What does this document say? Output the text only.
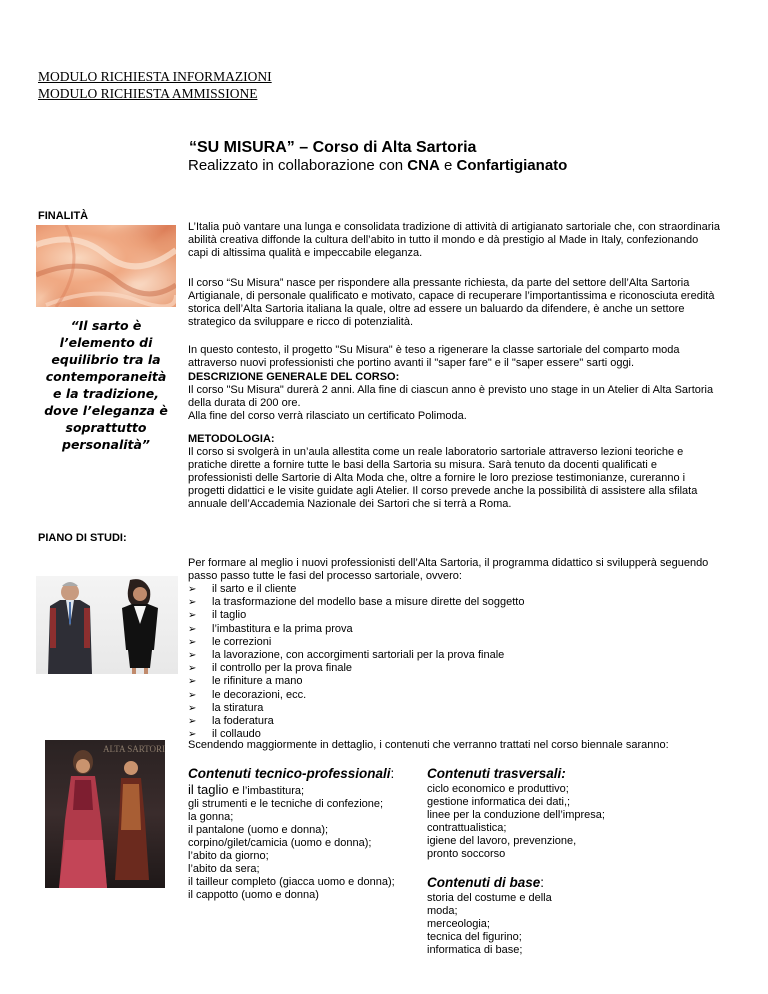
MODULO RICHIESTA INFORMAZIONI
MODULO RICHIESTA AMMISSIONE
“SU MISURA” – Corso di Alta Sartoria
Realizzato in collaborazione con CNA e Confartigianato
FINALITÀ
“Il sarto è l’elemento di equilibrio tra la contemporaneità e la tradizione, dove l’eleganza è soprattutto personalità”
PIANO DI STUDI:
ALTA SARTORIA

L’Italia può vantare una lunga e consolidata tradizione di attività di artigianato sartoriale che, con straordinaria abilità creativa diffonde la cultura dell’abito in tutto il mondo e dà prestigio al Made in Italy, confezionando capi di altissima qualità e impeccabile eleganza.

Il corso “Su Misura” nasce per rispondere alla pressante richiesta, da parte del settore dell’Alta Sartoria Artigianale, di personale qualificato e motivato, capace di recuperare l’importantissima e riconosciuta eredità storica dell’Alta Sartoria italiana la quale, oltre ad essere un baluardo da difendere, è anche un settore strategico da sviluppare e ricco di potenzialità.

In questo contesto, il progetto "Su Misura" è teso a rigenerare la classe sartoriale del comparto moda attraverso nuovi professionisti che portino avanti il "saper fare" e il "saper essere" sarti oggi.

DESCRIZIONE GENERALE DEL CORSO:

Il corso "Su Misura" durerà 2 anni. Alla fine di ciascun anno è previsto uno stage in un Atelier di Alta Sartoria della durata di 200 ore.

Alla fine del corso verrà rilasciato un certificato Polimoda.

METODOLOGIA:

Il corso si svolgerà in un’aula allestita come un reale laboratorio sartoriale attraverso lezioni teoriche e pratiche dirette a fornire tutte le basi della Sartoria su misura. Sarà tenuto da docenti qualificati e professionisti delle Sartorie di Alta Moda che, oltre a fornire le loro preziose testimonianze, cureranno i progetti didattici e le visite guidate agli Atelier. Il corso prevede anche la possibilità di assistere alla sfilata annuale dell’Accademia Nazionale dei Sartori che si terrà a Roma.

Per formare al meglio i nuovi professionisti dell’Alta Sartoria, il programma didattico si svilupperà seguendo passo passo tutte le fasi del processo sartoriale, ovvero:

➢ il sarto e il cliente
➢ la trasformazione del modello base a misure dirette del soggetto
➢ il taglio
➢ l’imbastitura e la prima prova
➢ le correzioni
➢ la lavorazione, con accorgimenti sartoriali per la prova finale
➢ il controllo per la prova finale
➢ le rifiniture a mano
➢ le decorazioni, ecc.
➢ la stiratura
➢ la foderatura
➢ il collaudo
Scendendo maggiormente in dettaglio, i contenuti che verranno trattati nel corso biennale saranno:
Contenuti tecnico-professionali:
il taglio e l’imbastitura;
gli strumenti e le tecniche di confezione;
la gonna;
il pantalone (uomo e donna);
corpino/gilet/camicia (uomo e donna);
l’abito da giorno;
l’abito da sera;
il tailleur completo (giacca uomo e donna);
il cappotto (uomo e donna)
Contenuti trasversali:
ciclo economico e produttivo;
gestione informatica dei dati,;
linee per la conduzione dell’impresa;
contrattualistica;
igiene del lavoro, prevenzione,
pronto soccorso
Contenuti di base:
storia del costume e della
moda;
merceologia;
tecnica del figurino;
informatica di base;
